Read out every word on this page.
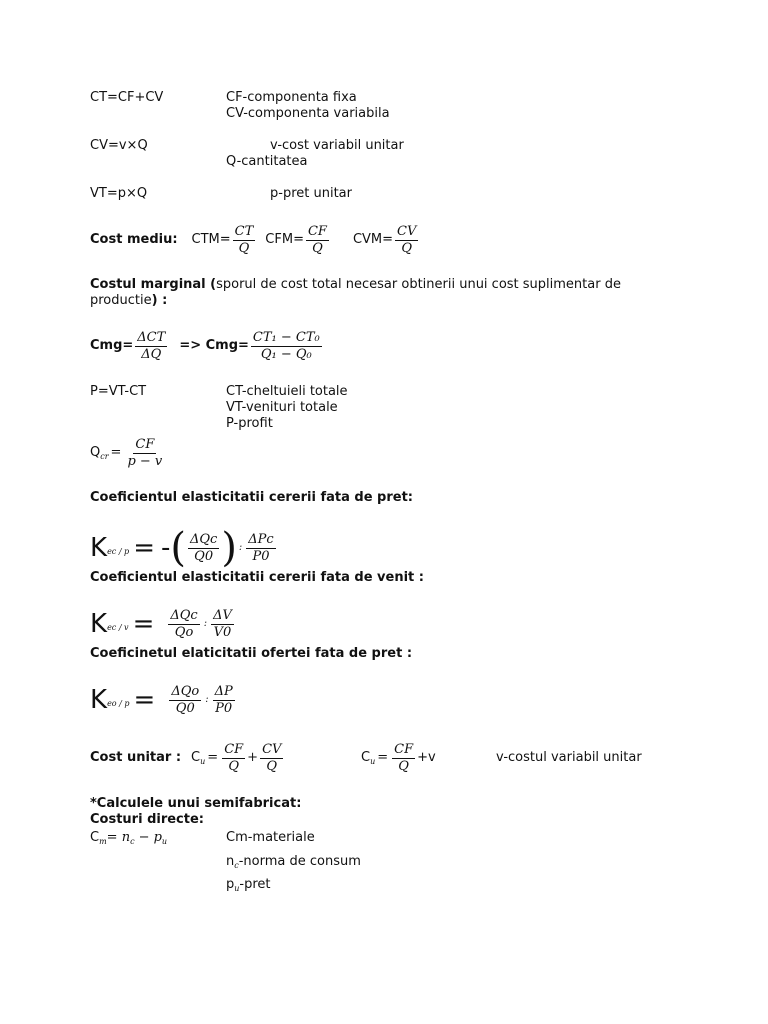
CT=CF+CV	CF-componenta fixa
CV-componenta variabila
CV=v×Q	v-cost variabil unitar
Q-cantitatea
VT=p×Q	p-pret unitar
Cost mediu: $CTM= \frac{CT}{Q} CFM= \frac{CF}{Q} CVM= \frac{CV}{Q}$
Costul marginal (sporul de cost total necesar obtinerii unui cost suplimentar de
productie) :
$Cmg= \frac{\text{ΔCT}}{\Delta Q} => Cmg= \frac{\text{CT₁ − CT₀}}{\text{Q₁ − Q₀}}$
P=VT-CT	CT-cheltuieli totale
VT-venituri totale
P-profit
Q cr = $\frac{CF}{p - v}$
Coeficientul elasticitatii cererii fata de pret:
K ec / p = - ( $\frac{\text{ΔQc}}{Q0}$ ) : $\frac{\text{ΔPc}}{P0}$
Coeficientul elasticitatii cererii fata de venit :
K ec / $v = \frac{\text{ΔQc}}{Qo}$ : $\frac{\Delta V}{V0}$
Coeficinetul elaticitatii ofertei fata de pret :
K eo / $p = \frac{\text{ΔQo}}{Q0}$ : $\frac{\Delta P}{P0}$
Cost unitar : C $u = \frac{CF}{Q} + \frac{CV}{Q}$	C $u = \frac{CF}{Q} +v$	v-costul variabil unitar
*Calculele unui semifabricat:
Costuri directe:
$C_m= n_c - p_u$	Cm-materiale
$n_c$-norma de consum
$p_u$-pret
